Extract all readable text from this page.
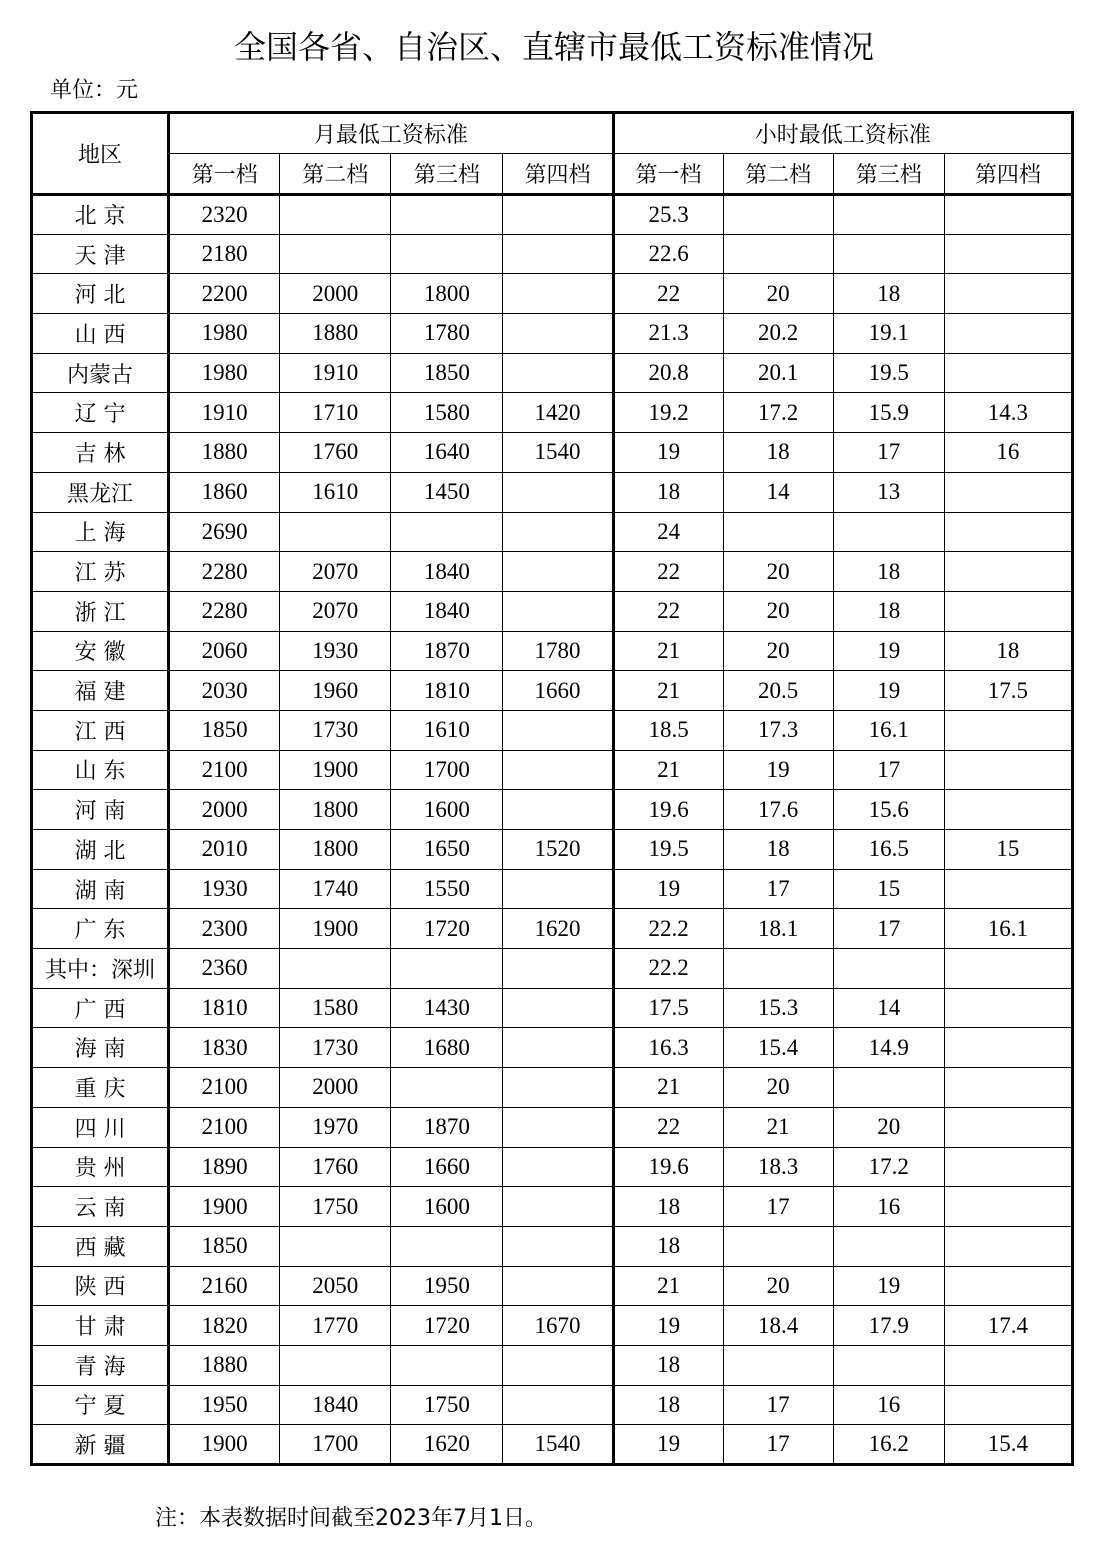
全国各省、自治区、直辖市最低工资标准情况
单位：元
地区	月最低工资标准				小时最低工资标准			
	第一档	第二档	第三档	第四档	第一档	第二档	第三档	第四档
北 京	2320				25.3			
天 津	2180				22.6			
河 北	2200	2000	1800		22	20	18	
山 西	1980	1880	1780		21.3	20.2	19.1	
内蒙古	1980	1910	1850		20.8	20.1	19.5	
辽 宁	1910	1710	1580	1420	19.2	17.2	15.9	14.3
吉 林	1880	1760	1640	1540	19	18	17	16
黑龙江	1860	1610	1450		18	14	13	
上 海	2690				24			
江 苏	2280	2070	1840		22	20	18	
浙 江	2280	2070	1840		22	20	18	
安 徽	2060	1930	1870	1780	21	20	19	18
福 建	2030	1960	1810	1660	21	20.5	19	17.5
江 西	1850	1730	1610		18.5	17.3	16.1	
山 东	2100	1900	1700		21	19	17	
河 南	2000	1800	1600		19.6	17.6	15.6	
湖 北	2010	1800	1650	1520	19.5	18	16.5	15
湖 南	1930	1740	1550		19	17	15	
广 东	2300	1900	1720	1620	22.2	18.1	17	16.1
其中：深圳	2360				22.2			
广 西	1810	1580	1430		17.5	15.3	14	
海 南	1830	1730	1680		16.3	15.4	14.9	
重 庆	2100	2000			21	20		
四 川	2100	1970	1870		22	21	20	
贵 州	1890	1760	1660		19.6	18.3	17.2	
云 南	1900	1750	1600		18	17	16	
西 藏	1850				18			
陕 西	2160	2050	1950		21	20	19	
甘 肃	1820	1770	1720	1670	19	18.4	17.9	17.4
青 海	1880				18			
宁 夏	1950	1840	1750		18	17	16	
新 疆	1900	1700	1620	1540	19	17	16.2	15.4
注：本表数据时间截至2023年7月1日。
